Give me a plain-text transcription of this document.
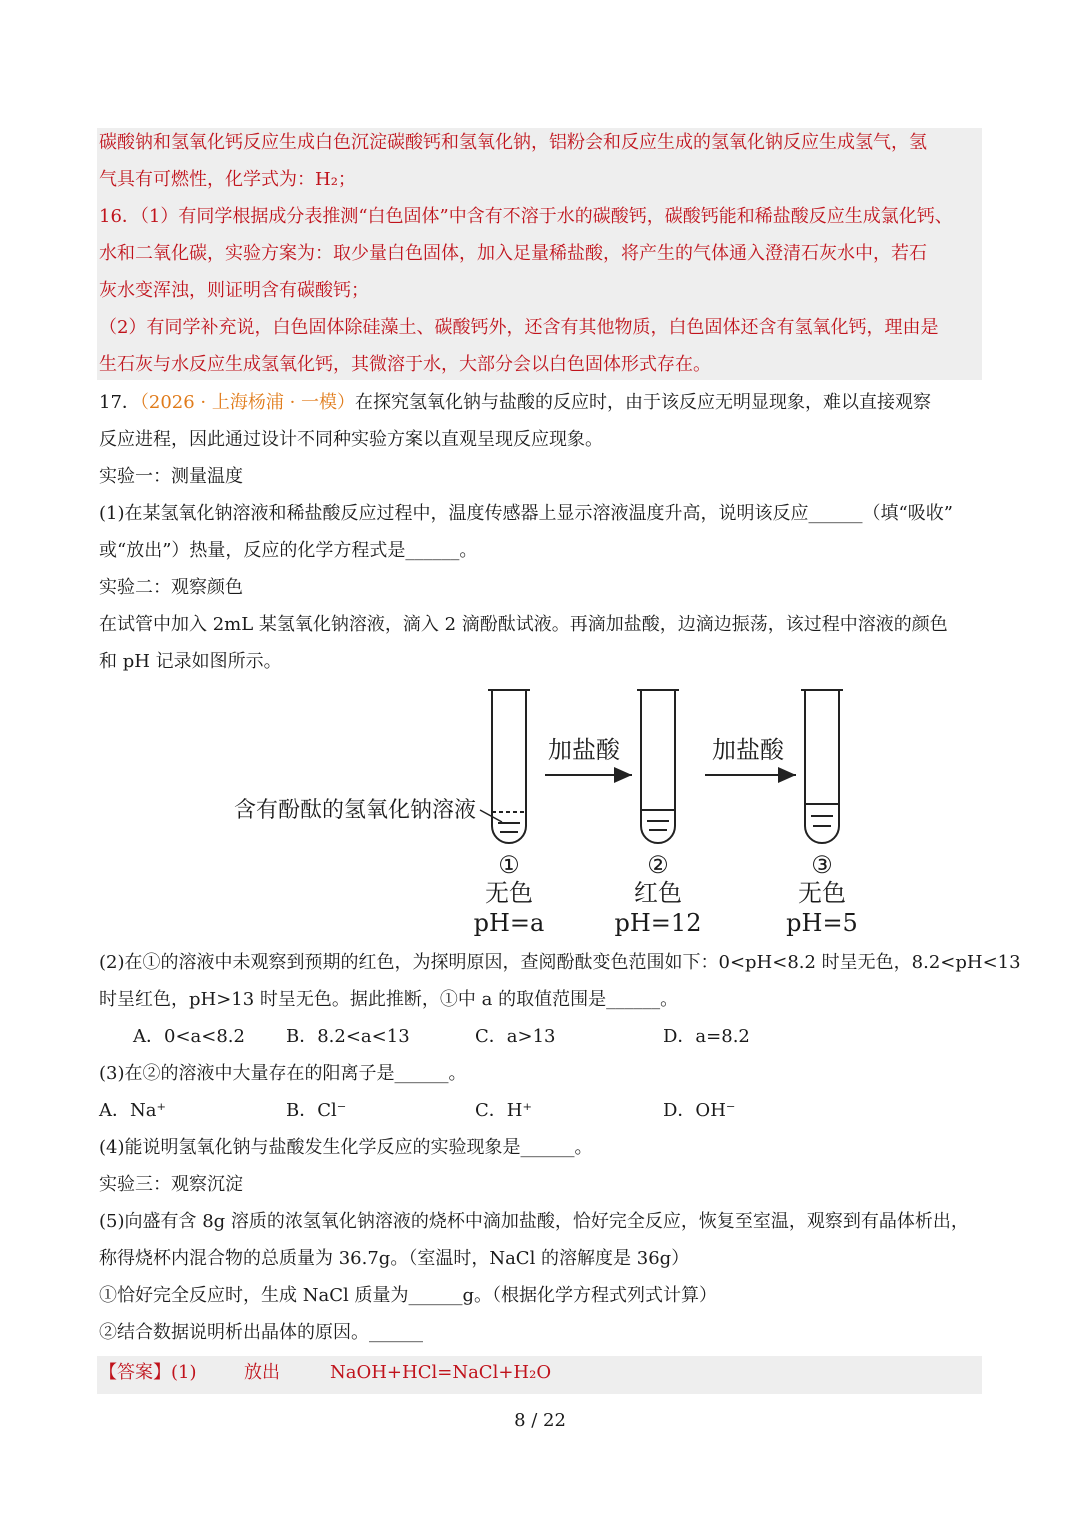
碳酸钠和氢氧化钙反应生成白色沉淀碳酸钙和氢氧化钠，铝粉会和反应生成的氢氧化钠反应生成氢气，氢
气具有可燃性，化学式为：H₂；
16．（1）有同学根据成分表推测“白色固体”中含有不溶于水的碳酸钙，碳酸钙能和稀盐酸反应生成氯化钙、
水和二氧化碳，实验方案为：取少量白色固体，加入足量稀盐酸，将产生的气体通入澄清石灰水中，若石
灰水变浑浊，则证明含有碳酸钙；
（2）有同学补充说，白色固体除硅藻土、碳酸钙外，还含有其他物质，白色固体还含有氢氧化钙，理由是
生石灰与水反应生成氢氧化钙，其微溶于水，大部分会以白色固体形式存在。
17．（2026 · 上海杨浦 · 一模）在探究氢氧化钠与盐酸的反应时，由于该反应无明显现象，难以直接观察
反应进程，因此通过设计不同种实验方案以直观呈现反应现象。
实验一：测量温度
(1)在某氢氧化钠溶液和稀盐酸反应过程中，温度传感器上显示溶液温度升高，说明该反应______（填“吸收”
或“放出”）热量，反应的化学方程式是______。
实验二：观察颜色
在试管中加入 2mL 某氢氧化钠溶液，滴入 2 滴酚酞试液。再滴加盐酸，边滴边振荡，该过程中溶液的颜色
和 pH 记录如图所示。
含有酚酞的氢氧化钠溶液
加盐酸	加盐酸
①
无色
pH=a
②
红色
pH=12
③
无色
pH=5
(2)在①的溶液中未观察到预期的红色，为探明原因，查阅酚酞变色范围如下：0<pH<8.2 时呈无色，8.2<pH<13
时呈红色，pH>13 时呈无色。据此推断，①中 a 的取值范围是______。
A．0<a<8.2 B．8.2<a<13	C．a>13	D．a=8.2
(3)在②的溶液中大量存在的阳离子是______。
A．Na⁺	B．Cl⁻	C．H⁺	D．OH⁻
(4)能说明氢氧化钠与盐酸发生化学反应的实验现象是______。
实验三：观察沉淀
(5)向盛有含 8g 溶质的浓氢氧化钠溶液的烧杯中滴加盐酸，恰好完全反应，恢复至室温，观察到有晶体析出，
称得烧杯内混合物的总质量为 36.7g。（室温时，NaCl 的溶解度是 36g）
①恰好完全反应时，生成 NaCl 质量为______g。（根据化学方程式列式计算）
②结合数据说明析出晶体的原因。______
【答案】(1)	放出	NaOH+HCl=NaCl+H₂O
8 / 22
